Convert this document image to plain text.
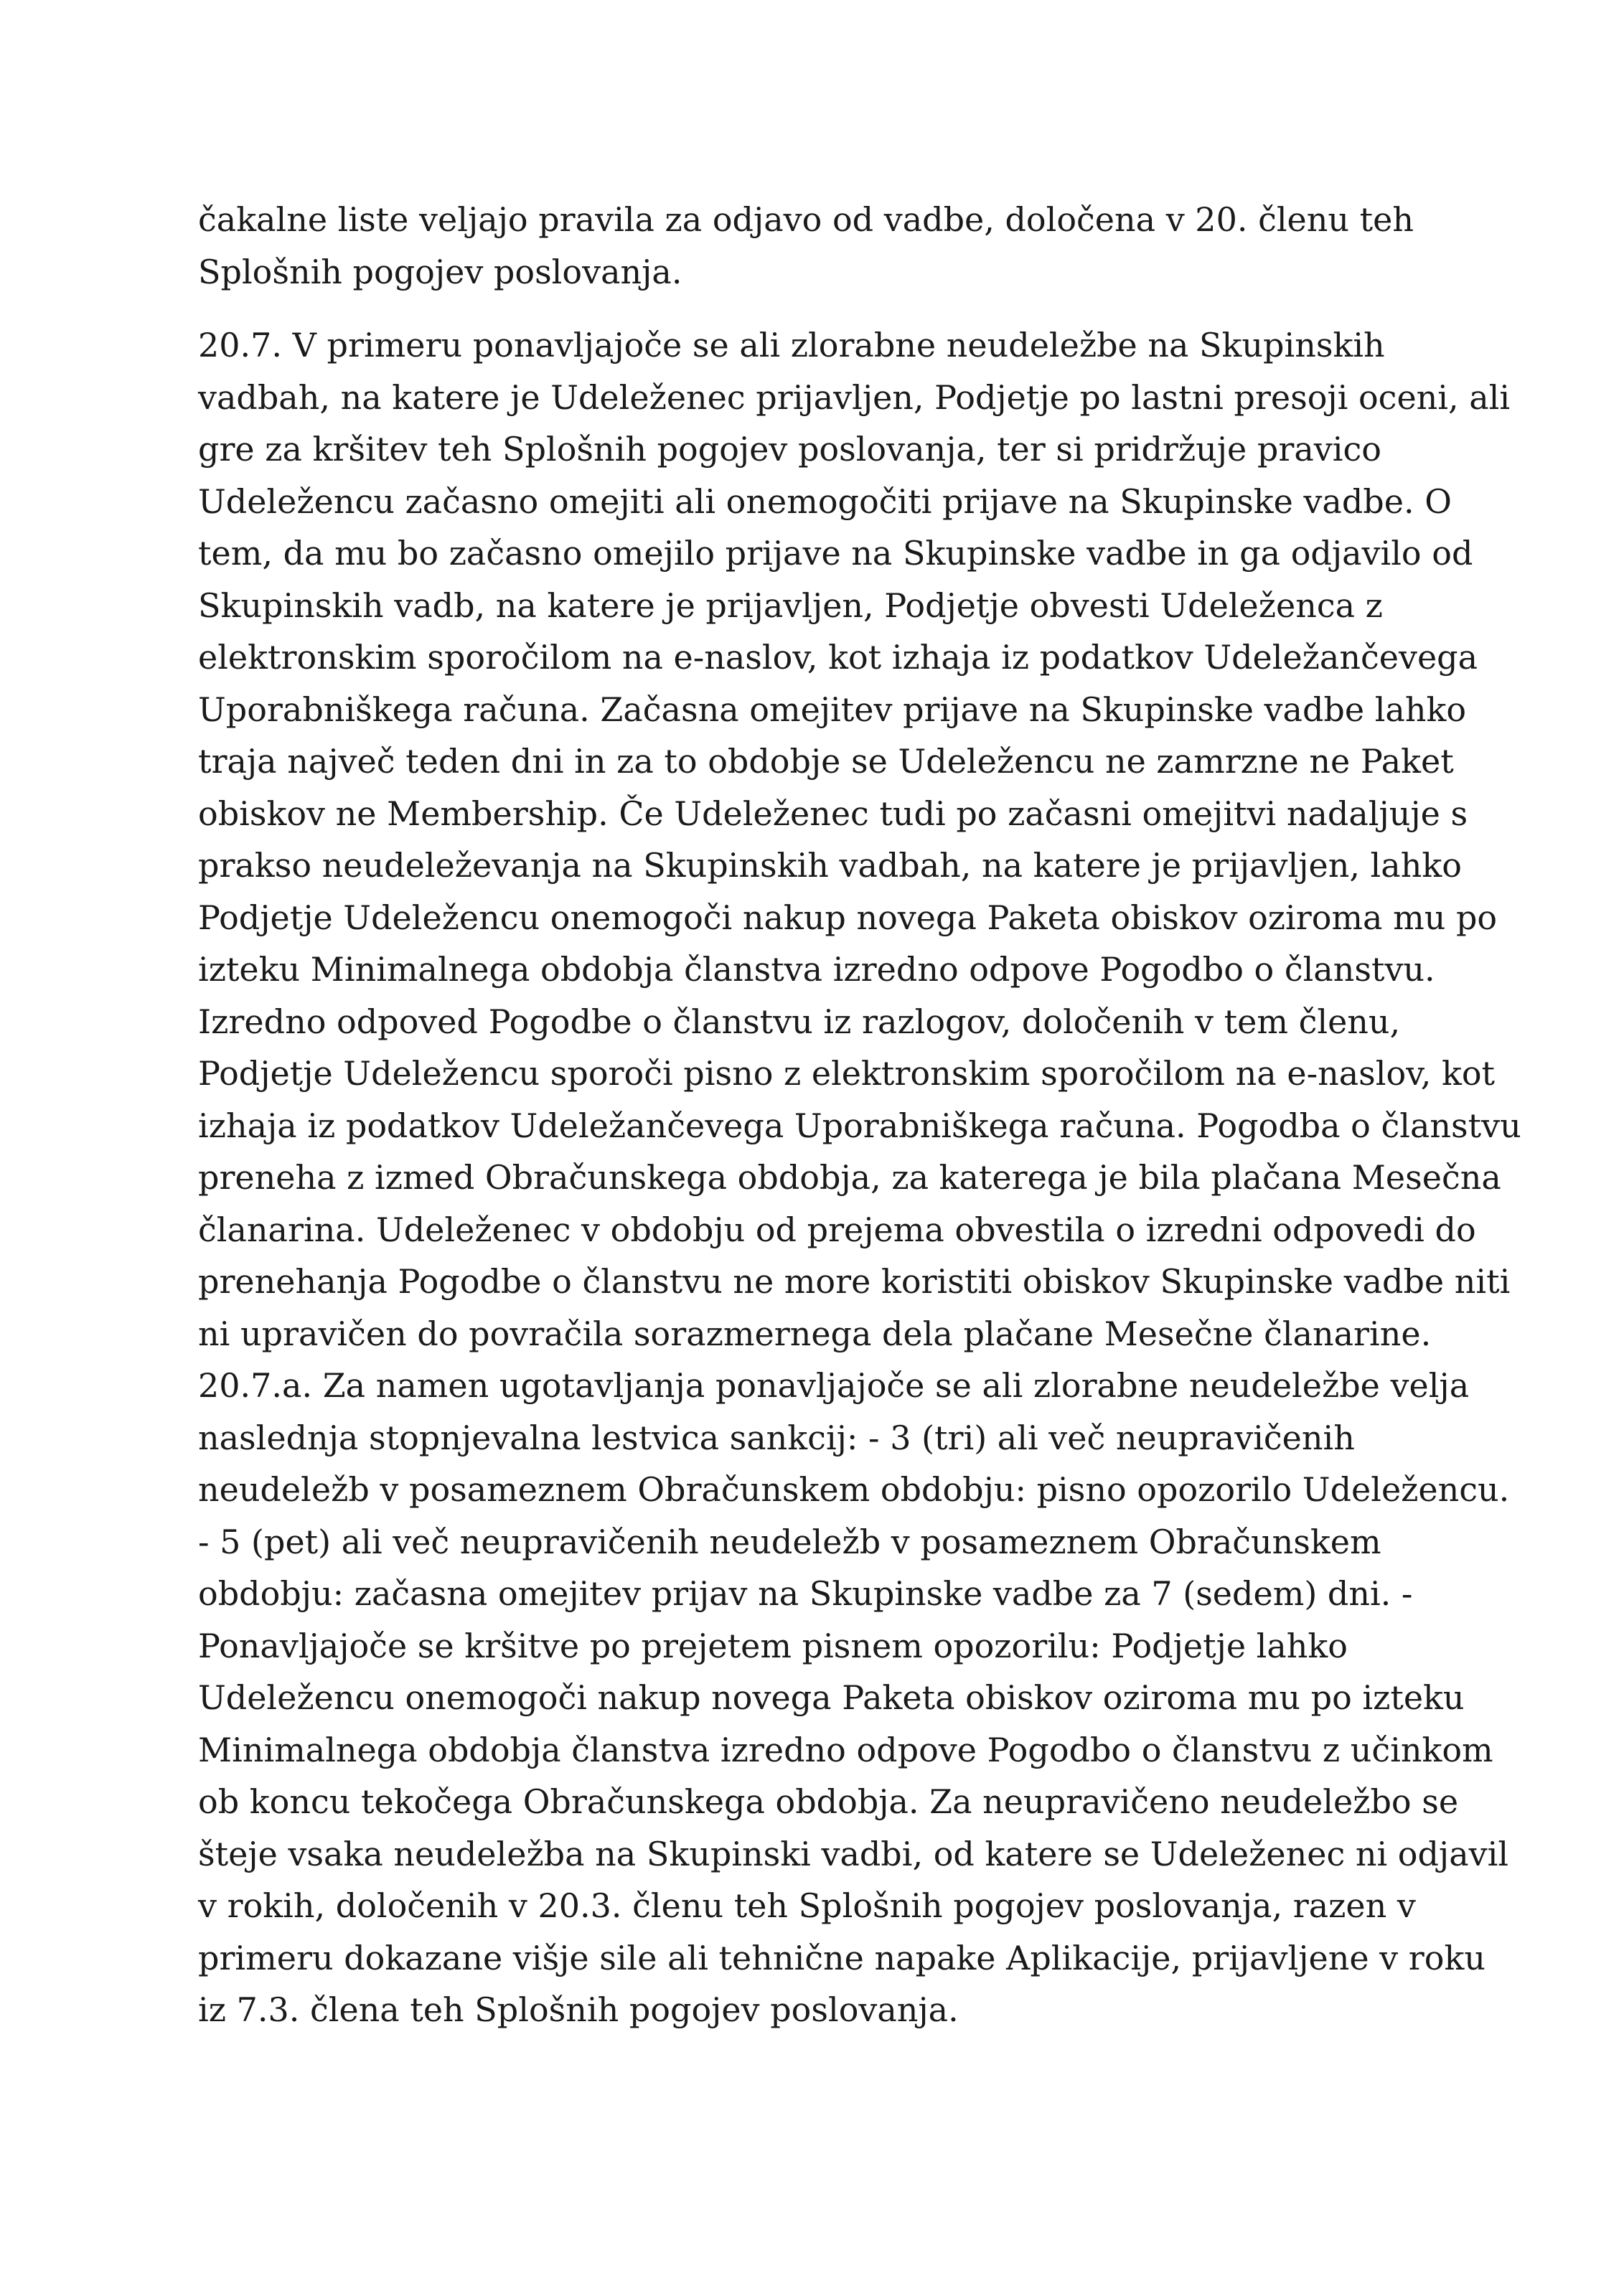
čakalne liste veljajo pravila za odjavo od vadbe, določena v 20. členu teh
Splošnih pogojev poslovanja.
20.7. V primeru ponavljajoče se ali zlorabne neudeležbe na Skupinskih
vadbah, na katere je Udeleženec prijavljen, Podjetje po lastni presoji oceni, ali
gre za kršitev teh Splošnih pogojev poslovanja, ter si pridržuje pravico
Udeležencu začasno omejiti ali onemogočiti prijave na Skupinske vadbe. O
tem, da mu bo začasno omejilo prijave na Skupinske vadbe in ga odjavilo od
Skupinskih vadb, na katere je prijavljen, Podjetje obvesti Udeleženca z
elektronskim sporočilom na e-naslov, kot izhaja iz podatkov Udeležančevega
Uporabniškega računa. Začasna omejitev prijave na Skupinske vadbe lahko
traja največ teden dni in za to obdobje se Udeležencu ne zamrzne ne Paket
obiskov ne Membership. Če Udeleženec tudi po začasni omejitvi nadaljuje s
prakso neudeleževanja na Skupinskih vadbah, na katere je prijavljen, lahko
Podjetje Udeležencu onemogoči nakup novega Paketa obiskov oziroma mu po
izteku Minimalnega obdobja članstva izredno odpove Pogodbo o članstvu.
Izredno odpoved Pogodbe o članstvu iz razlogov, določenih v tem členu,
Podjetje Udeležencu sporoči pisno z elektronskim sporočilom na e-naslov, kot
izhaja iz podatkov Udeležančevega Uporabniškega računa. Pogodba o članstvu
preneha z izmed Obračunskega obdobja, za katerega je bila plačana Mesečna
članarina. Udeleženec v obdobju od prejema obvestila o izredni odpovedi do
prenehanja Pogodbe o članstvu ne more koristiti obiskov Skupinske vadbe niti
ni upravičen do povračila sorazmernega dela plačane Mesečne članarine.
20.7.a. Za namen ugotavljanja ponavljajoče se ali zlorabne neudeležbe velja
naslednja stopnjevalna lestvica sankcij: - 3 (tri) ali več neupravičenih
neudeležb v posameznem Obračunskem obdobju: pisno opozorilo Udeležencu.
- 5 (pet) ali več neupravičenih neudeležb v posameznem Obračunskem
obdobju: začasna omejitev prijav na Skupinske vadbe za 7 (sedem) dni. -
Ponavljajoče se kršitve po prejetem pisnem opozorilu: Podjetje lahko
Udeležencu onemogoči nakup novega Paketa obiskov oziroma mu po izteku
Minimalnega obdobja članstva izredno odpove Pogodbo o članstvu z učinkom
ob koncu tekočega Obračunskega obdobja. Za neupravičeno neudeležbo se
šteje vsaka neudeležba na Skupinski vadbi, od katere se Udeleženec ni odjavil
v rokih, določenih v 20.3. členu teh Splošnih pogojev poslovanja, razen v
primeru dokazane višje sile ali tehnične napake Aplikacije, prijavljene v roku
iz 7.3. člena teh Splošnih pogojev poslovanja.
